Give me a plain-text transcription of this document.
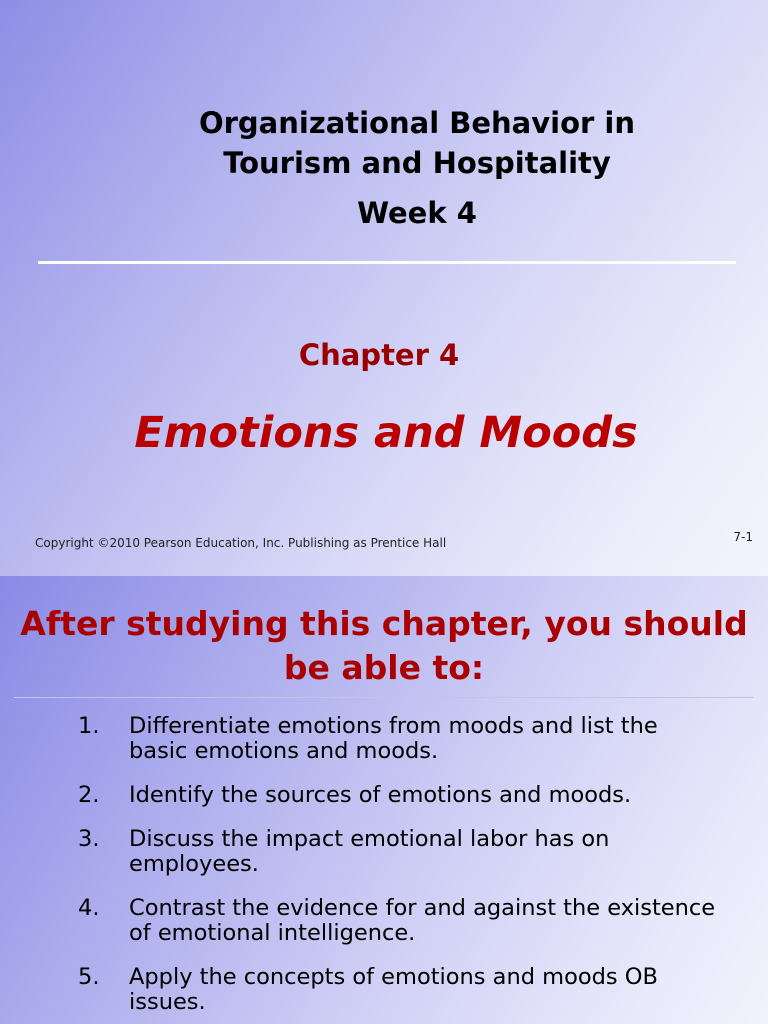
Organizational Behavior in
Tourism and Hospitality
Week 4
Chapter 4
Emotions and Moods
Copyright ©2010 Pearson Education, Inc. Publishing as Prentice Hall	7-1
After studying this chapter, you should be able to:
1. Differentiate emotions from moods and list the basic emotions and moods.
2. Identify the sources of emotions and moods.
3. Discuss the impact emotional labor has on employees.
4. Contrast the evidence for and against the existence of emotional intelligence.
5. Apply the concepts of emotions and moods OB issues.
